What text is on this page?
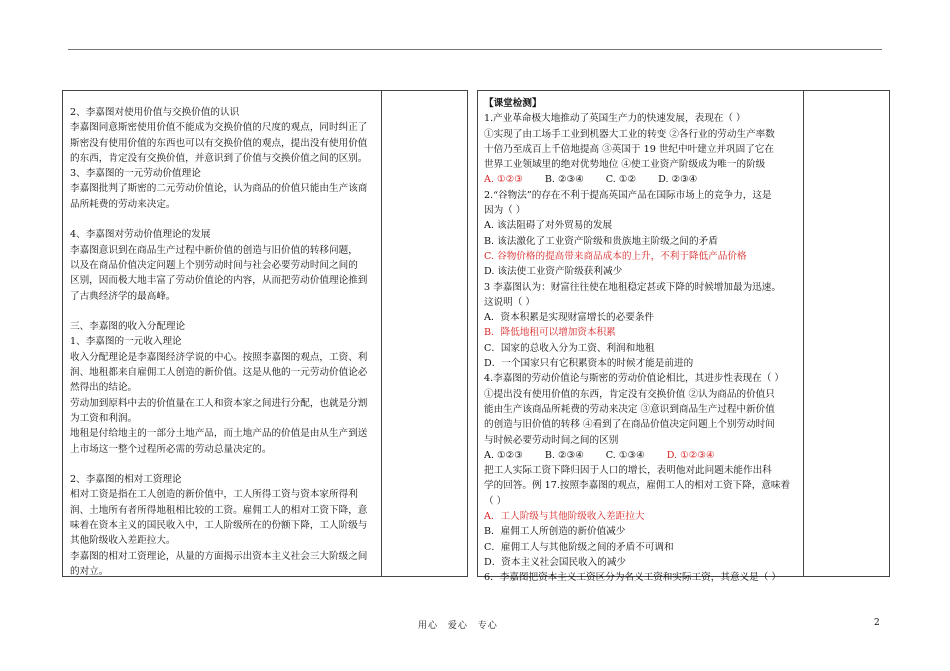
2、李嘉图对使用价值与交换价值的认识
李嘉图同意斯密使用价值不能成为交换价值的尺度的观点，同时纠正了
斯密没有使用价值的东西也可以有交换价值的观点，提出没有使用价值
的东西，肯定没有交换价值，并意识到了价值与交换价值之间的区别。
3、李嘉图的一元劳动价值理论
李嘉图批判了斯密的二元劳动价值论，认为商品的价值只能由生产该商
品所耗费的劳动来决定。
4、李嘉图对劳动价值理论的发展
李嘉图意识到在商品生产过程中新价值的创造与旧价值的转移问题，
以及在商品价值决定问题上个别劳动时间与社会必要劳动时间之间的
区别，因而极大地丰富了劳动价值论的内容，从而把劳动价值理论推到
了古典经济学的最高峰。
三、李嘉图的收入分配理论
1、李嘉图的一元收入理论
收入分配理论是李嘉图经济学说的中心。按照李嘉图的观点，工资、利
润、地租都来自雇佣工人创造的新价值。这是从他的一元劳动价值论必
然得出的结论。
劳动加到原料中去的价值量在工人和资本家之间进行分配，也就是分割
为工资和利润。
地租是付给地主的一部分土地产品，而土地产品的价值是由从生产到送
上市场这一整个过程所必需的劳动总量决定的。
2、李嘉图的相对工资理论
相对工资是指在工人创造的新价值中，工人所得工资与资本家所得利
润、土地所有者所得地租相比较的工资。雇佣工人的相对工资下降，意
味着在资本主义的国民收入中，工人阶级所在的份额下降，工人阶级与
其他阶级收入差距拉大。
李嘉图的相对工资理论，从量的方面揭示出资本主义社会三大阶级之间
的对立。
【课堂检测】
1.产业革命极大地推动了英国生产力的快速发展，表现在（ ）
①实现了由工场手工业到机器大工业的转变 ②各行业的劳动生产率数
十倍乃至成百上千倍地提高 ③英国于 19 世纪中叶建立并巩固了它在
世界工业领域里的绝对优势地位 ④使工业资产阶级成为唯一的阶级
A. ①②③ B. ②③④ C. ①② D. ②③④
2.“谷物法”的存在不利于提高英国产品在国际市场上的竞争力，这是
因为（ ）
A. 该法阻碍了对外贸易的发展
B. 该法激化了工业资产阶级和贵族地主阶级之间的矛盾
C. 谷物价格的提高带来商品成本的上升，不利于降低产品价格
D. 该法使工业资产阶级获利减少
3 李嘉图认为：财富往往使在地租稳定甚或下降的时候增加最为迅速。
这说明（ ）
A．资本积累是实现财富增长的必要条件
B．降低地租可以增加资本积累
C．国家的总收入分为工资、利润和地租
D．一个国家只有它积累资本的时候才能是前进的
4.李嘉图的劳动价值论与斯密的劳动价值论相比，其进步性表现在（ ）
①提出没有使用价值的东西，肯定没有交换价值 ②认为商品的价值只
能由生产该商品所耗费的劳动来决定 ③意识到商品生产过程中新价值
的创造与旧价值的转移 ④看到了在商品价值决定问题上个别劳动时间
与时候必要劳动时间之间的区别
A. ①②③ B. ②③④ C. ①③④ D. ①②③④
把工人实际工资下降归因于人口的增长，表明他对此问题未能作出科
学的回答。例 17.按照李嘉图的观点，雇佣工人的相对工资下降，意味着
（ ）
A．工人阶级与其他阶级收入差距拉大
B．雇佣工人所创造的新价值减少
C．雇佣工人与其他阶级之间的矛盾不可调和
D．资本主义社会国民收入的减少
6．李嘉图把资本主义工资区分为名义工资和实际工资，其意义是（ ）
用心 爱心 专心	2
